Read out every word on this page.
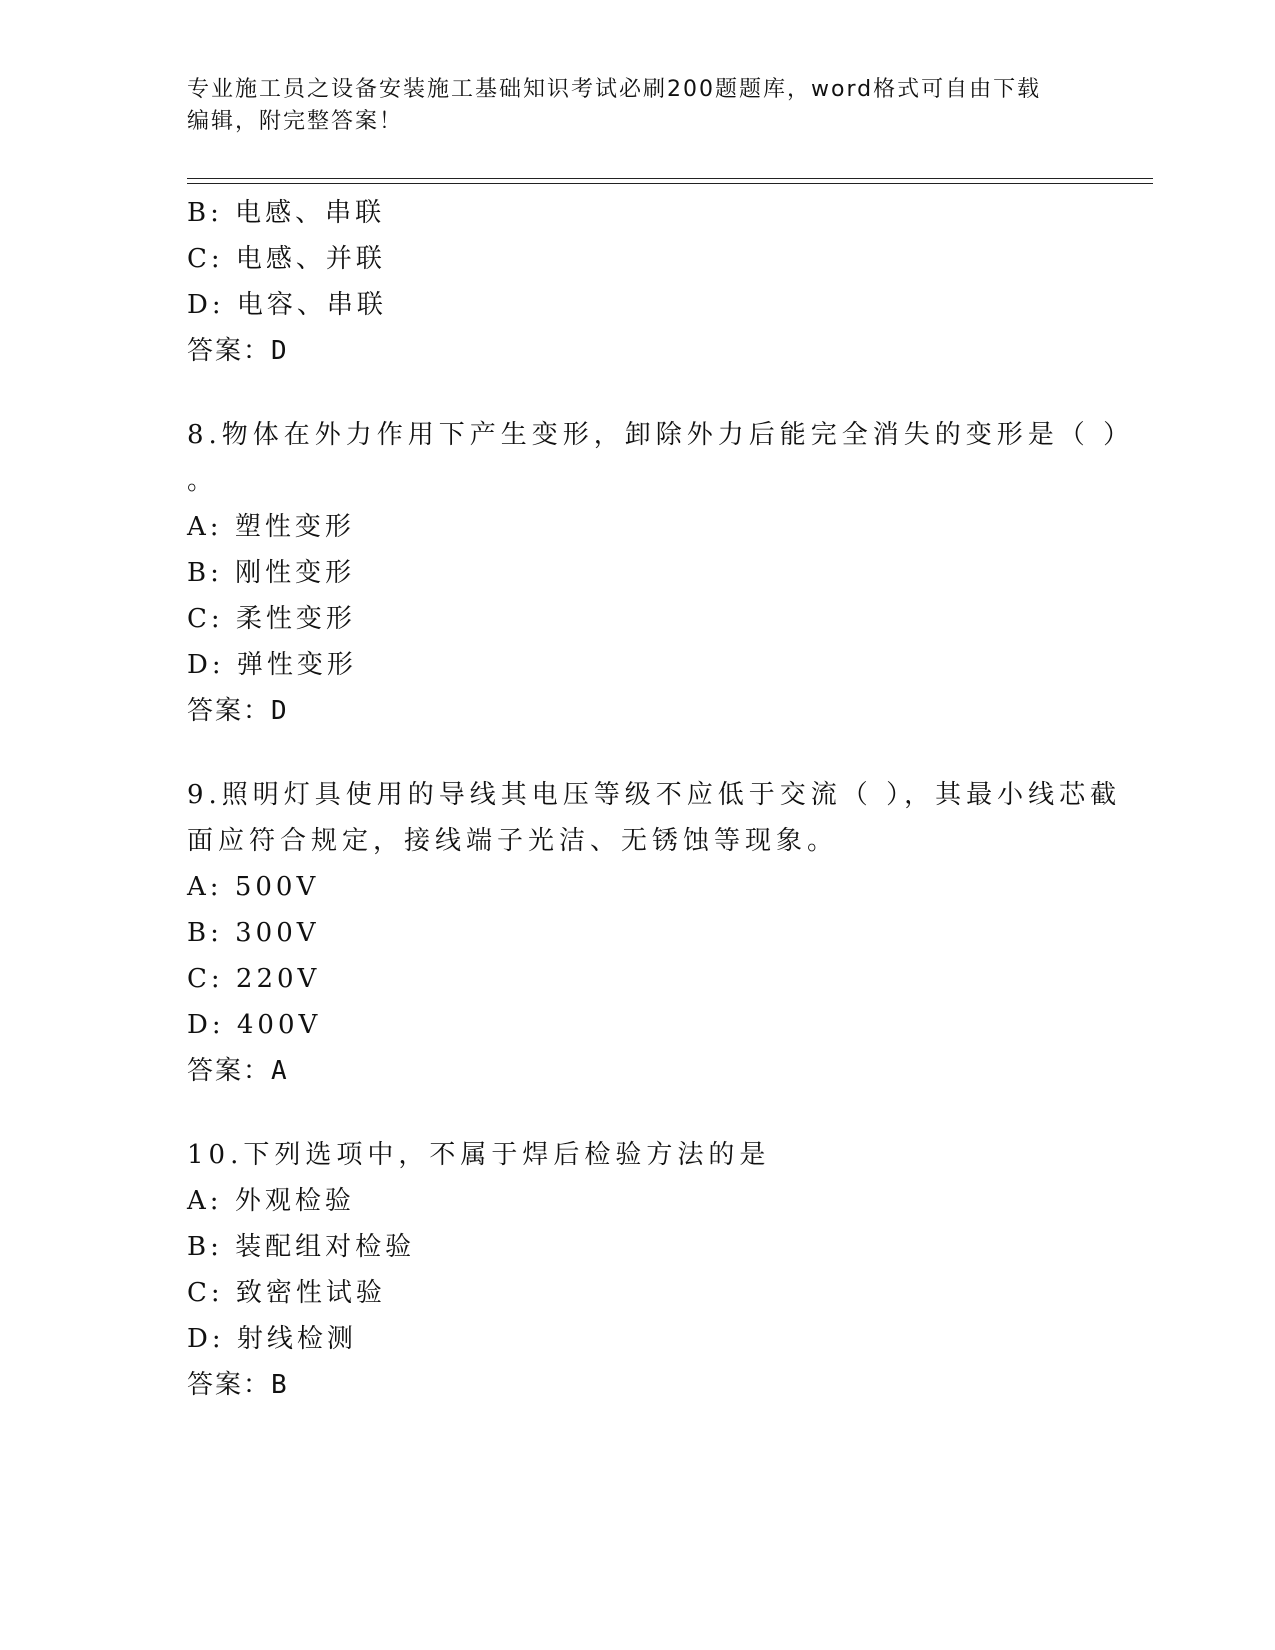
专业施工员之设备安装施工基础知识考试必刷200题题库，word格式可自由下载
编辑，附完整答案！
B: 电感、串联
C: 电感、并联
D: 电容、串联
答案：D
8.物体在外力作用下产生变形，卸除外力后能完全消失的变形是（ ）
。
A: 塑性变形
B: 刚性变形
C: 柔性变形
D: 弹性变形
答案：D
9.照明灯具使用的导线其电压等级不应低于交流（ ），其最小线芯截
面应符合规定，接线端子光洁、无锈蚀等现象。
A: 500V
B: 300V
C: 220V
D: 400V
答案：A
10.下列选项中，不属于焊后检验方法的是
A: 外观检验
B: 装配组对检验
C: 致密性试验
D: 射线检测
答案：B
